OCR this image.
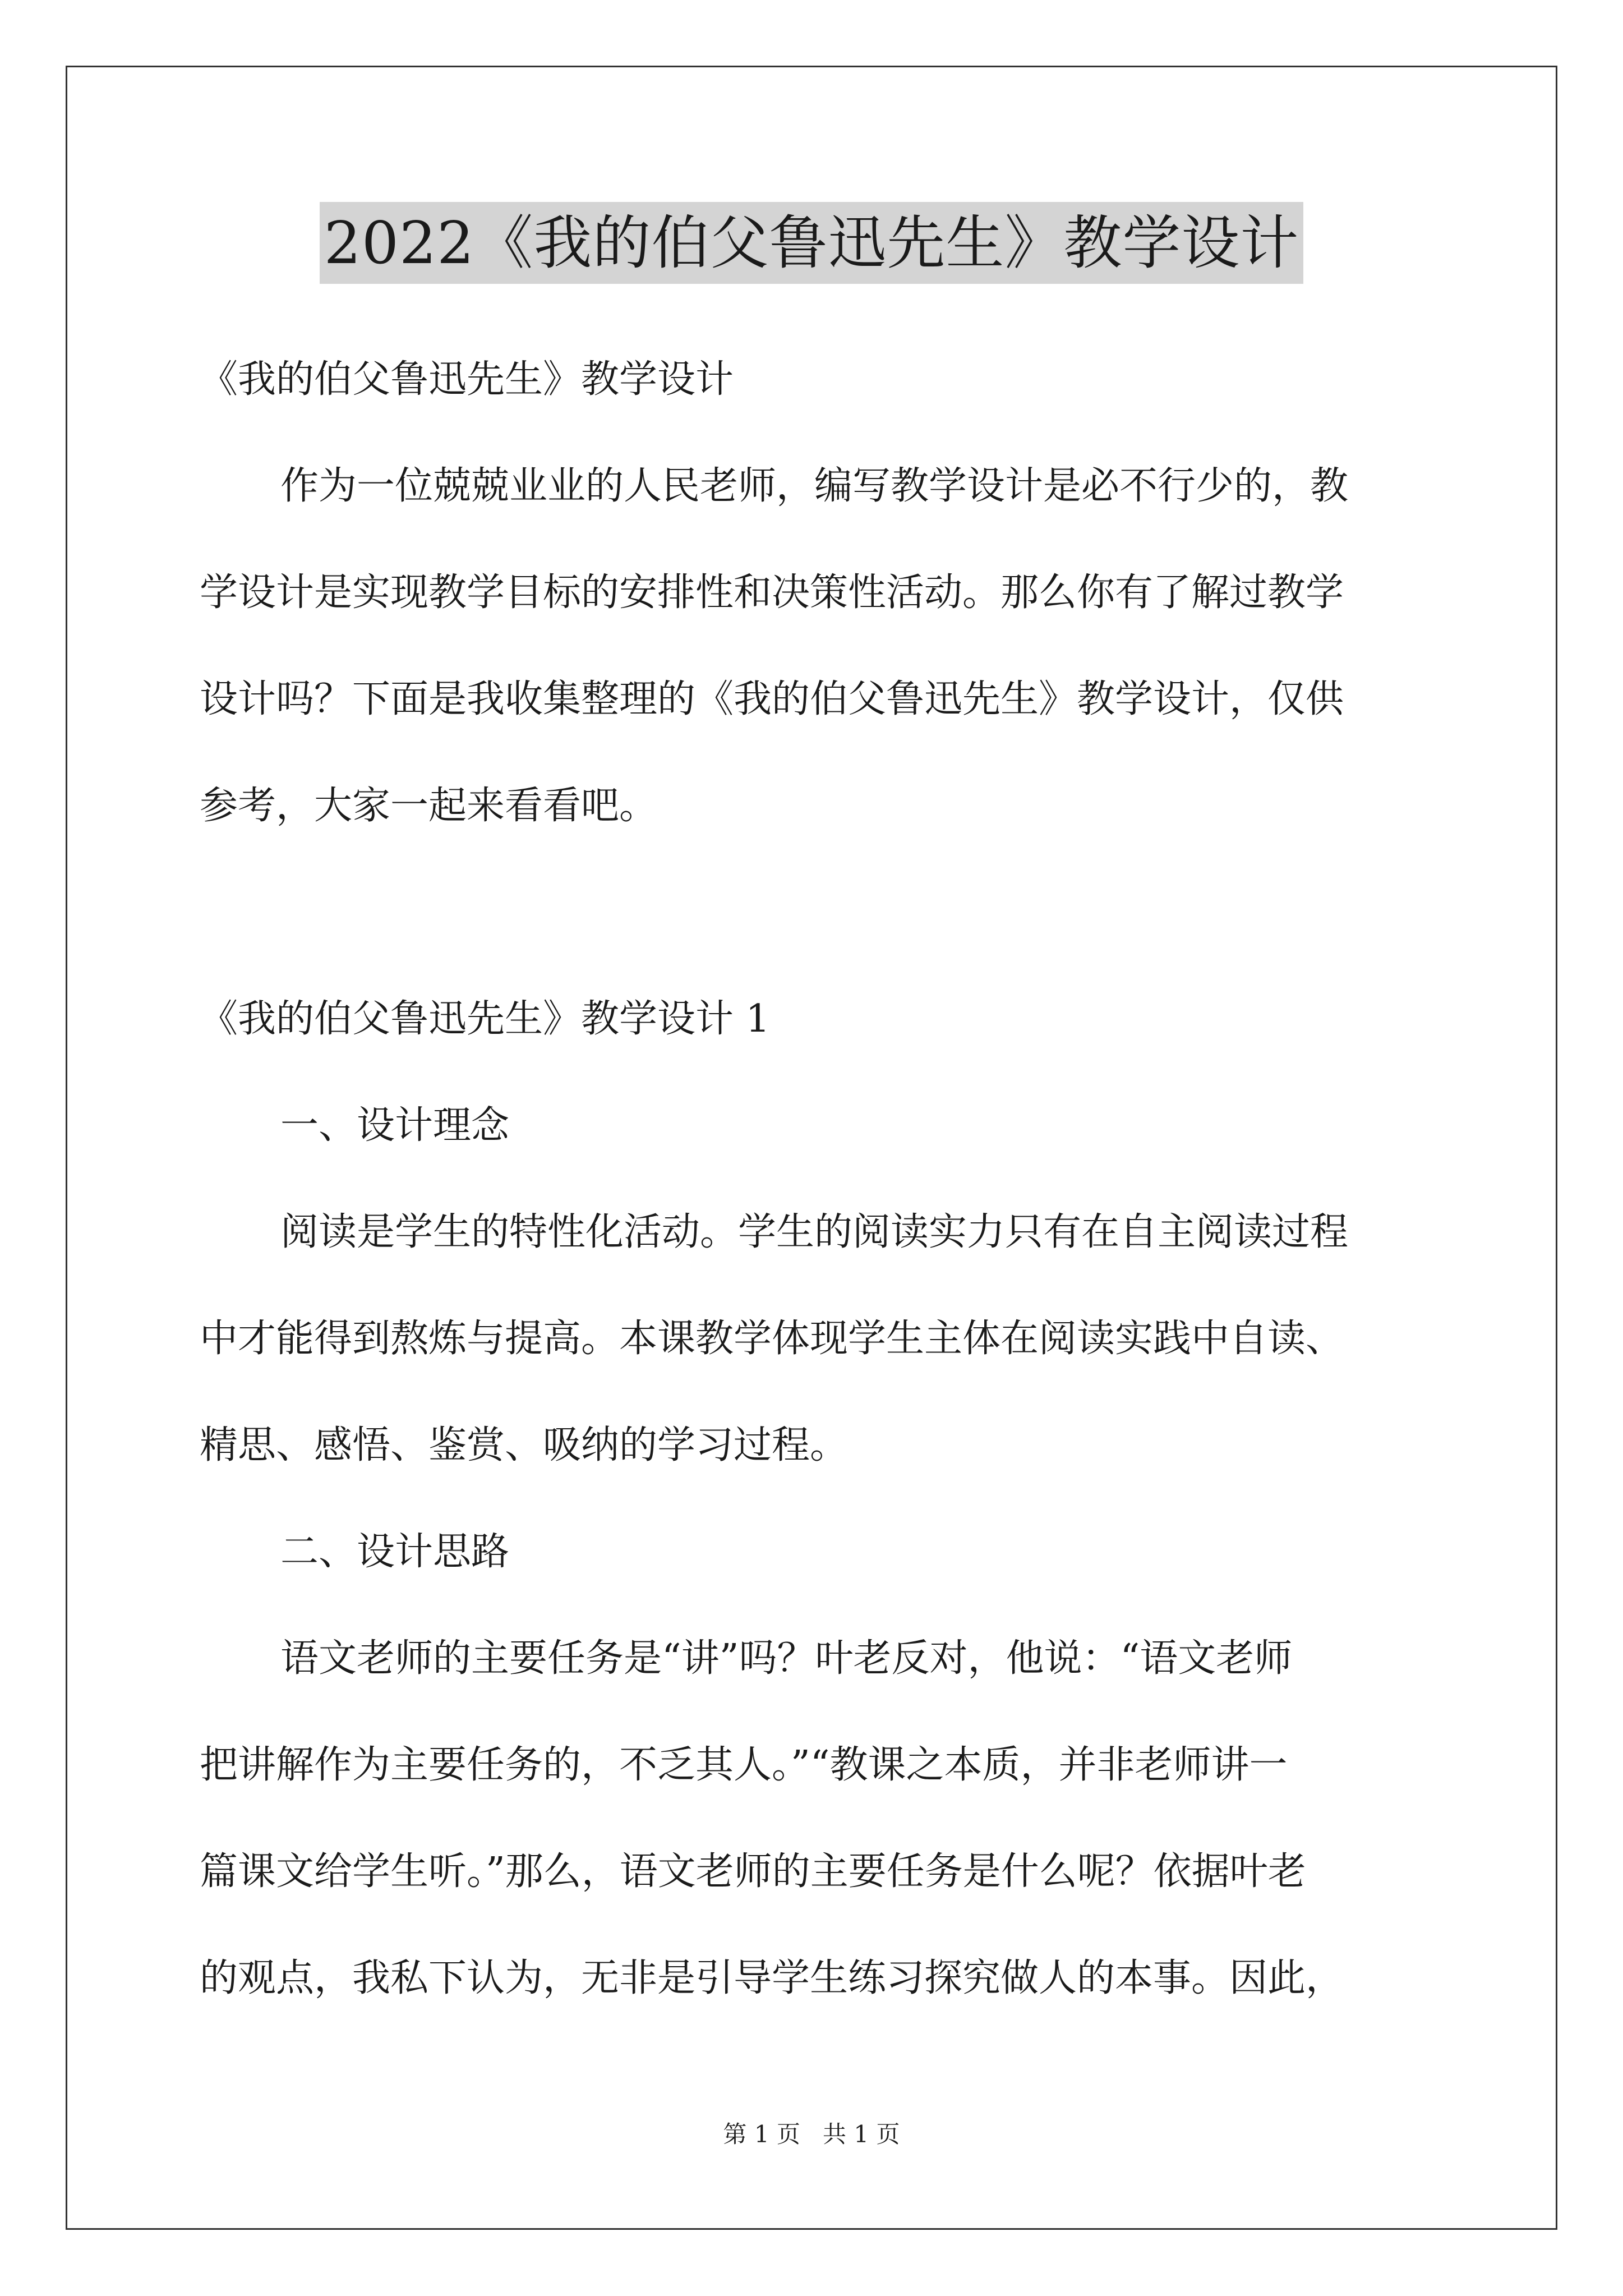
2022《我的伯父鲁迅先生》教学设计
《我的伯父鲁迅先生》教学设计
作为一位兢兢业业的人民老师，编写教学设计是必不行少的，教
学设计是实现教学目标的安排性和决策性活动。那么你有了解过教学
设计吗？下面是我收集整理的《我的伯父鲁迅先生》教学设计，仅供
参考，大家一起来看看吧。
《我的伯父鲁迅先生》教学设计 1
一、设计理念
阅读是学生的特性化活动。学生的阅读实力只有在自主阅读过程
中才能得到熬炼与提高。本课教学体现学生主体在阅读实践中自读、
精思、感悟、鉴赏、吸纳的学习过程。
二、设计思路
语文老师的主要任务是“讲”吗？叶老反对，他说：“语文老师
把讲解作为主要任务的，不乏其人。”“教课之本质，并非老师讲一
篇课文给学生听。”那么，语文老师的主要任务是什么呢？依据叶老
的观点，我私下认为，无非是引导学生练习探究做人的本事。因此，
第 1 页   共 1 页
